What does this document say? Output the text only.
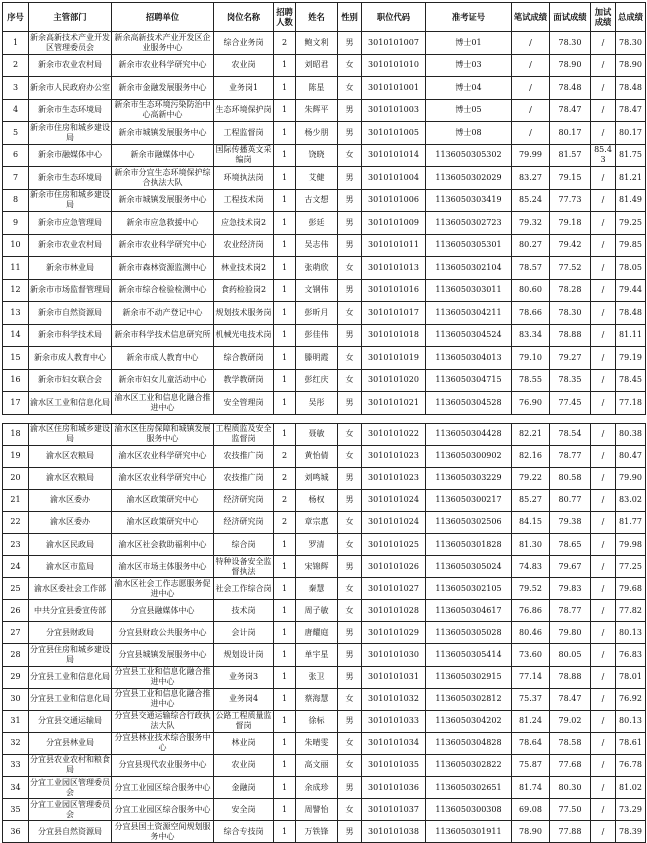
序号	主管部门	招聘单位	岗位名称	招聘人数	姓名	性别	职位代码	准考证号	笔试成绩	面试成绩	加试成绩	总成绩
1	新余高新技术产业开发区管理委员会	新余高新技术产业开发区企业服务中心	综合业务岗	2	鲍文利	男	3010101007	博士01	/	78.30	/	78.30
2	新余市农业农村局	新余市农业科学研究中心	农业岗	1	刘昭君	女	3010101010	博士03	/	78.90	/	78.90
3	新余市人民政府办公室	新余市金融发展服务中心	业务岗1	1	陈星	女	3010101001	博士04	/	78.48	/	78.48
4	新余市生态环境局	新余市生态环境污染防治中心高新中心	生态环境保护岗	1	朱辉平	男	3010101003	博士05	/	78.47	/	78.47
5	新余市住房和城乡建设局	新余市城镇发展服务中心	工程监督岗	1	杨少朋	男	3010101005	博士08	/	80.17	/	80.17
6	新余市融媒体中心	新余市融媒体中心	国际传播英文采编岗	1	饶晓	女	3010101014	1136050305302	79.99	81.57	85.43	81.75
7	新余市生态环境局	新余市分宜生态环境保护综合执法大队	环境执法岗	1	艾健	男	3010101004	1136050302029	83.27	79.15	/	81.21
8	新余市住房和城乡建设局	新余市城镇发展服务中心	工程技术岗	1	古文想	男	3010101006	1136050303419	85.24	77.73	/	81.49
9	新余市应急管理局	新余市应急救援中心	应急技术岗2	1	彭廷	男	3010101009	1136050302723	79.32	79.18	/	79.25
10	新余市农业农村局	新余市农业科学研究中心	农业经济岗	1	吴志伟	男	3010101011	1136050305301	80.27	79.42	/	79.85
11	新余市林业局	新余市森林资源监测中心	林业技术岗2	1	张萌欣	女	3010101013	1136050302104	78.57	77.52	/	78.05
12	新余市市场监督管理局	新余市综合检验检测中心	食药检验岗2	1	文钢伟	男	3010101016	1136050303011	80.60	78.28	/	79.44
13	新余市自然资源局	新余市不动产登记中心	规划技术服务岗	1	彭昕月	女	3010101017	1136050304211	78.66	78.30	/	78.48
14	新余市科学技术局	新余市科学技术信息研究所	机械光电技术岗	1	彭佳伟	男	3010101018	1136050304524	83.34	78.88	/	81.11
15	新余市成人教育中心	新余市成人教育中心	综合教研岗	1	滕明霞	女	3010101019	1136050304013	79.10	79.27	/	79.19
16	新余市妇女联合会	新余市妇女儿童活动中心	教学教研岗	1	彭红庆	女	3010101020	1136050304715	78.55	78.35	/	78.45
17	渝水区工业和信息化局	渝水区工业和信息化融合推进中心	安全管理岗	1	吴彤	男	3010101021	1136050304528	76.90	77.45	/	77.18
18	渝水区住房和城乡建设局	渝水区住房保障和城镇发展服务中心	工程质监及安全监督岗	1	聂敏	女	3010101022	1136050304428	82.21	78.54	/	80.38
19	渝水区农粮局	渝水区农业科学研究中心	农技推广岗	2	黄怡倩	女	3010101023	1136050300902	82.16	78.77	/	80.47
20	渝水区农粮局	渝水区农业科学研究中心	农技推广岗	2	刘鸣城	男	3010101023	1136050303229	79.22	80.58	/	79.90
21	渝水区委办	渝水区政策研究中心	经济研究岗	2	杨权	男	3010101024	1136050300217	85.27	80.77	/	83.02
22	渝水区委办	渝水区政策研究中心	经济研究岗	2	章宗惠	女	3010101024	1136050302506	84.15	79.38	/	81.77
23	渝水区民政局	渝水区社会救助福利中心	综合岗	1	罗清	女	3010101025	1136050301828	81.30	78.65	/	79.98
24	渝水区市监局	渝水区市场主体服务中心	特种设备安全监督执法	1	宋锦辉	男	3010101026	1136050305024	74.83	79.67	/	77.25
25	渝水区委社会工作部	渝水区社会工作志愿服务促进中心	社会工作综合岗	1	秦慧	女	3010101027	1136050302105	79.52	79.83	/	79.68
26	中共分宜县委宣传部	分宜县融媒体中心	技术岗	1	周子敏	女	3010101028	1136050304617	76.86	78.77	/	77.82
27	分宜县财政局	分宜县财政公共服务中心	会计岗	1	唐耀庭	男	3010101029	1136050305028	80.46	79.80	/	80.13
28	分宜县住房和城乡建设局	分宜县城镇发展服务中心	规划设计岗	1	单宇星	男	3010101030	1136050305414	73.60	80.05	/	76.83
29	分宜县工业和信息化局	分宜县工业和信息化融合推进中心	业务岗3	1	张卫	男	3010101031	1136050302915	77.14	78.88	/	78.01
30	分宜县工业和信息化局	分宜县工业和信息化融合推进中心	业务岗4	1	蔡海慧	女	3010101032	1136050302812	75.37	78.47	/	76.92
31	分宜县交通运输局	分宜县交通运输综合行政执法大队	公路工程质量监督岗	1	徐标	男	3010101033	1136050304202	81.24	79.02	/	80.13
32	分宜县林业局	分宜县林业技术综合服务中心	林业岗	1	朱晴雯	女	3010101034	1136050304828	78.64	78.58	/	78.61
33	分宜县农业农村和粮食局	分宜县现代农业服务中心	农业岗	1	高文丽	女	3010101035	1136050302822	75.87	77.68	/	76.78
34	分宜工业园区管理委员会	分宜工业园区综合服务中心	金融岗	1	余成珍	男	3010101036	1136050302651	81.74	80.30	/	81.02
35	分宜工业园区管理委员会	分宜工业园区综合服务中心	安全岗	1	周譬怡	女	3010101037	1136050300308	69.08	77.50	/	73.29
36	分宜县自然资源局	分宜县国土资源空间规划服务中心	综合专技岗	1	万铁锋	男	3010101038	1136050301911	78.90	77.88	/	78.39
